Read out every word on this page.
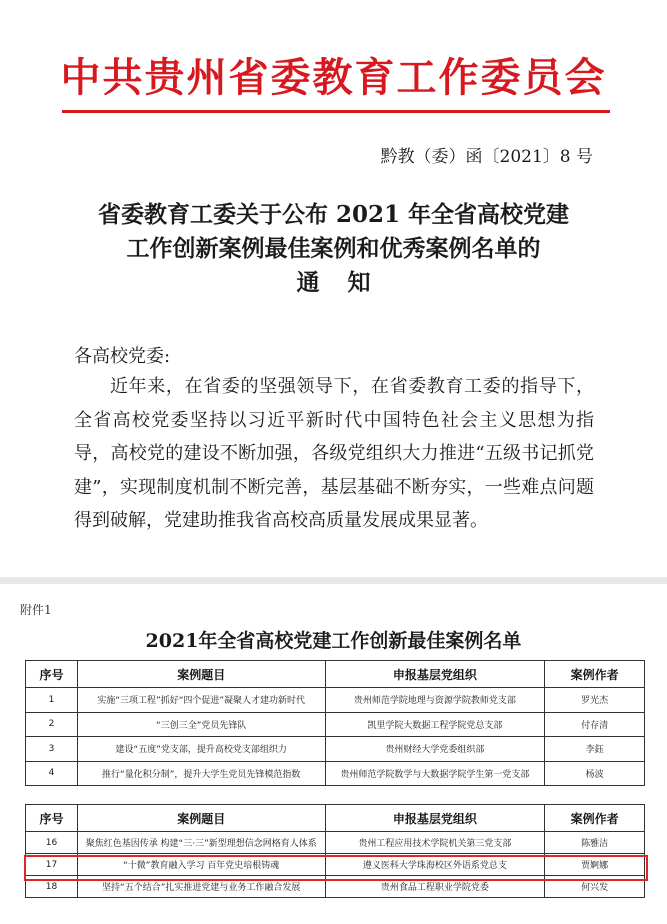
中共贵州省委教育工作委员会
黔教（委）函〔2021〕8 号
省委教育工委关于公布 2021 年全省高校党建
工作创新案例最佳案例和优秀案例名单的
通知
各高校党委:
近年来，在省委的坚强领导下，在省委教育工委的指导下，全省高校党委坚持以习近平新时代中国特色社会主义思想为指导，高校党的建设不断加强，各级党组织大力推进“五级书记抓党建”，实现制度机制不断完善，基层基础不断夯实，一些难点问题得到破解，党建助推我省高校高质量发展成果显著。
附件1
2021年全省高校党建工作创新最佳案例名单
序号	案例题目	申报基层党组织	案例作者
1	实施“三项工程”抓好“四个促进”凝聚人才建功新时代	贵州师范学院地理与资源学院教师党支部	罗光杰
2	“三创三全”党员先锋队	凯里学院大数据工程学院党总支部	付存清
3	建设“五度”党支部，提升高校党支部组织力	贵州财经大学党委组织部	李鈺
4	推行“量化积分制”，提升大学生党员先锋模范指数	贵州师范学院数学与大数据学院学生第一党支部	杨波
序号	案例题目	申报基层党组织	案例作者
16	聚焦红色基因传承 构建“三·三”新型理想信念网格育人体系	贵州工程应用技术学院机关第三党支部	陈雅洁
17	“十微”教育融入学习 百年党史培根铸魂	遵义医科大学珠海校区外语系党总支	贾婀娜
18	坚持“五个结合”扎实推进党建与业务工作融合发展	贵州食品工程职业学院党委	何兴发
